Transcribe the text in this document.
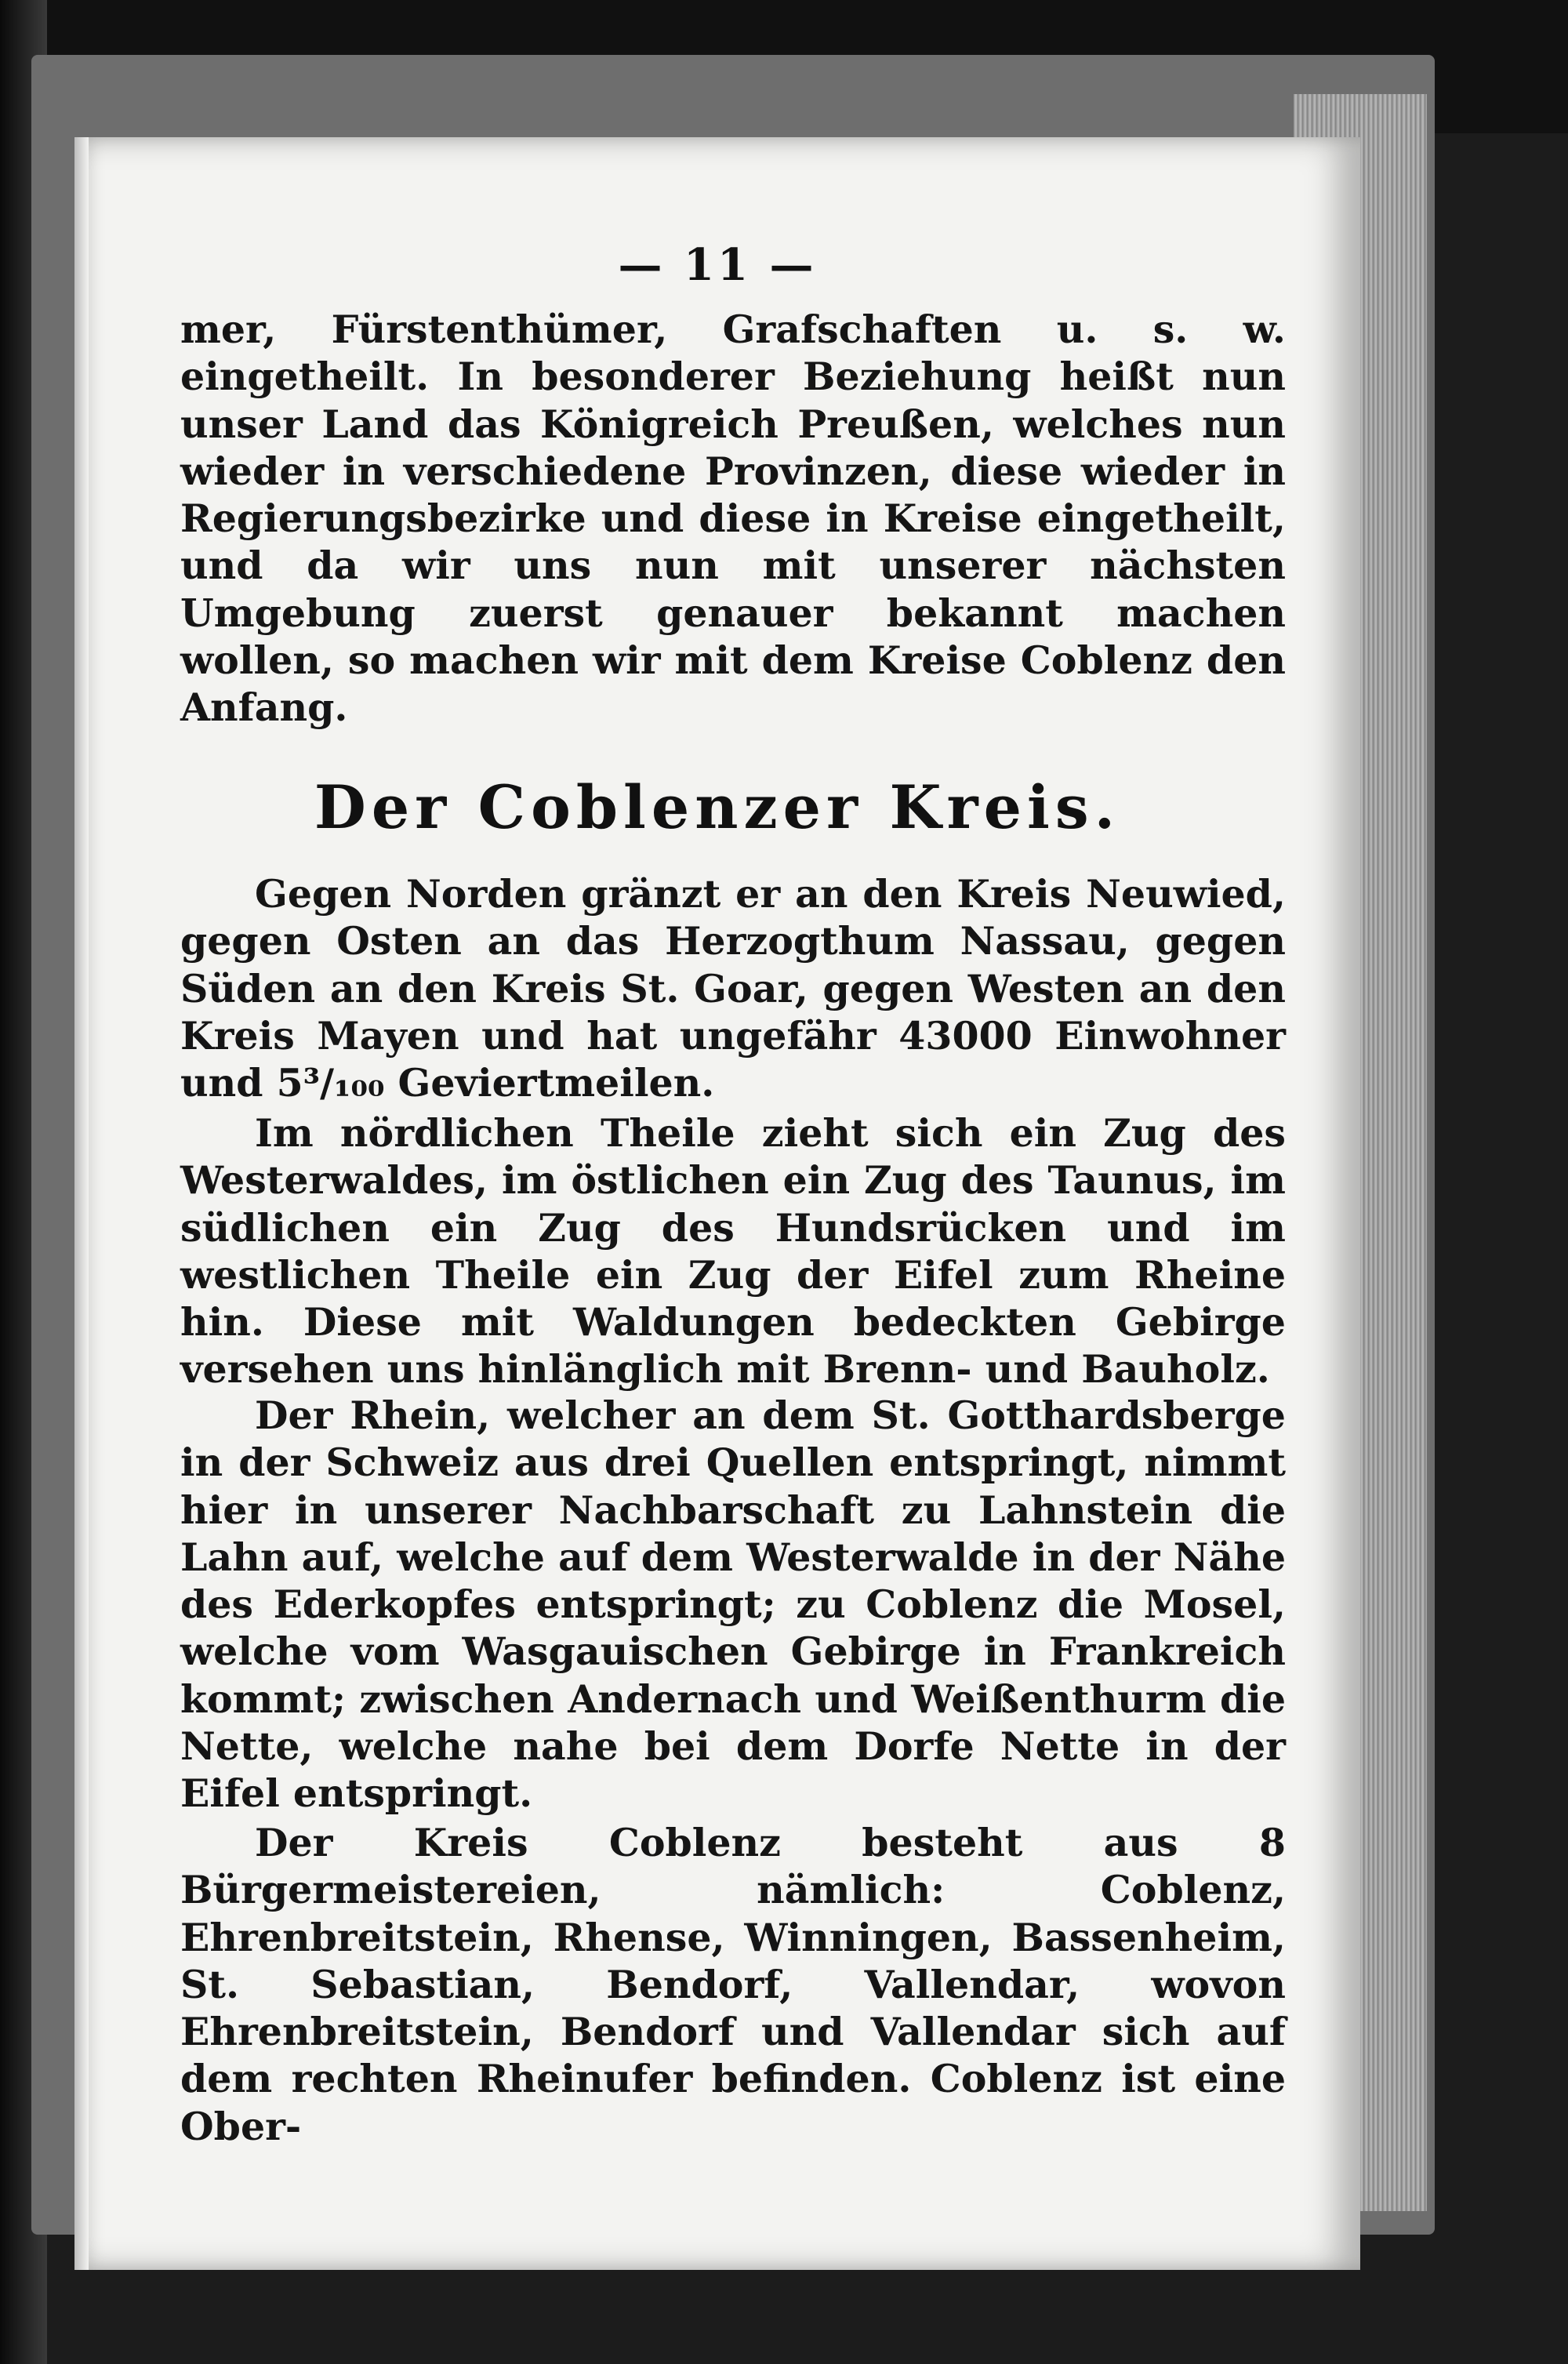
— 11 —

mer, Fürstenthümer, Grafschaften u. s. w. eingetheilt. In besonderer Beziehung heißt nun unser Land das Königreich Preußen, welches nun wieder in verschiedene Provinzen, diese wieder in Regierungsbezirke und diese in Kreise eingetheilt, und da wir uns nun mit unserer nächsten Umgebung zuerst genauer bekannt machen wollen, so machen wir mit dem Kreise Coblenz den Anfang.

Der Coblenzer Kreis.

Gegen Norden gränzt er an den Kreis Neuwied, gegen Osten an das Herzogthum Nassau, gegen Süden an den Kreis St. Goar, gegen Westen an den Kreis Mayen und hat ungefähr 43000 Einwohner und 5³/₁₀₀ Geviertmeilen.

Im nördlichen Theile zieht sich ein Zug des Westerwaldes, im östlichen ein Zug des Taunus, im südlichen ein Zug des Hundsrücken und im westlichen Theile ein Zug der Eifel zum Rheine hin. Diese mit Waldungen bedeckten Gebirge versehen uns hinlänglich mit Brenn- und Bauholz.

Der Rhein, welcher an dem St. Gotthardsberge in der Schweiz aus drei Quellen entspringt, nimmt hier in unserer Nachbarschaft zu Lahnstein die Lahn auf, welche auf dem Westerwalde in der Nähe des Ederkopfes entspringt; zu Coblenz die Mosel, welche vom Wasgauischen Gebirge in Frankreich kommt; zwischen Andernach und Weißenthurm die Nette, welche nahe bei dem Dorfe Nette in der Eifel entspringt.

Der Kreis Coblenz besteht aus 8 Bürgermeistereien, nämlich: Coblenz, Ehrenbreitstein, Rhense, Winningen, Bassenheim, St. Sebastian, Bendorf, Vallendar, wovon Ehrenbreitstein, Bendorf und Vallendar sich auf dem rechten Rheinufer befinden. Coblenz ist eine Ober-
